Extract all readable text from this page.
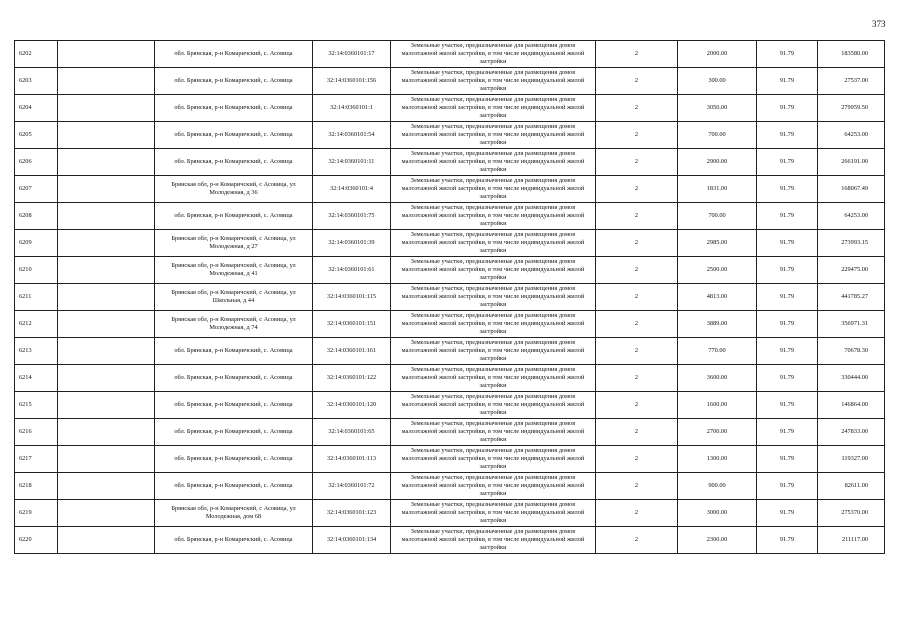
373
6202		обл. Брянская, р-н Комаричский, с. Асовица	32:14:0360101:17	Земельные участки, предназначенные для размещения домов малоэтажной жилой застройки, в том числе индивидуальной жилой застройки	2	2000.00	91.79	183580.00
6203		обл. Брянская, р-н Комаричский, с. Асовица	32:14:0360101:156	Земельные участки, предназначенные для размещения домов малоэтажной жилой застройки, в том числе индивидуальной жилой застройки	2	300.00	91.79	27537.00
6204		обл. Брянская, р-н Комаричский, с. Асовица	32:14:0360101:1	Земельные участки, предназначенные для размещения домов малоэтажной жилой застройки, в том числе индивидуальной жилой застройки	2	3050.00	91.79	279959.50
6205		обл. Брянская, р-н Комаричский, с. Асовица	32:14:0360101:54	Земельные участки, предназначенные для размещения домов малоэтажной жилой застройки, в том числе индивидуальной жилой застройки	2	700.00	91.79	64253.00
6206		обл. Брянская, р-н Комаричский, с. Асовица	32:14:0360101:11	Земельные участки, предназначенные для размещения домов малоэтажной жилой застройки, в том числе индивидуальной жилой застройки	2	2900.00	91.79	266191.00
6207		Брянская обл, р-н Комаричский, с Асовица, ул Молодежная, д 36	32:14:0360101:4	Земельные участки, предназначенные для размещения домов малоэтажной жилой застройки, в том числе индивидуальной жилой застройки	2	1831.00	91.79	168067.49
6208		обл. Брянская, р-н Комаричский, с. Асовица	32:14:0360101:75	Земельные участки, предназначенные для размещения домов малоэтажной жилой застройки, в том числе индивидуальной жилой застройки	2	700.00	91.79	64253.00
6209		Брянская обл, р-н Комаричский, с Асовица, ул Молодежная, д 27	32:14:0360101:39	Земельные участки, предназначенные для размещения домов малоэтажной жилой застройки, в том числе индивидуальной жилой застройки	2	2985.00	91.79	273993.15
6210		Брянская обл, р-н Комаричский, с Асовица, ул Молодежная, д 41	32:14:0360101:61	Земельные участки, предназначенные для размещения домов малоэтажной жилой застройки, в том числе индивидуальной жилой застройки	2	2500.00	91.79	229475.00
6211		Брянская обл, р-н Комаричский, с Асовица, ул Школьная, д 44	32:14:0360101:115	Земельные участки, предназначенные для размещения домов малоэтажной жилой застройки, в том числе индивидуальной жилой застройки	2	4813.00	91.79	441785.27
6212		Брянская обл, р-н Комаричский, с Асовица, ул Молодежная, д 74	32:14:0360101:151	Земельные участки, предназначенные для размещения домов малоэтажной жилой застройки, в том числе индивидуальной жилой застройки	2	3889.00	91.79	356971.31
6213		обл. Брянская, р-н Комаричский, с. Асовица	32:14:0360101:161	Земельные участки, предназначенные для размещения домов малоэтажной жилой застройки, в том числе индивидуальной жилой застройки	2	770.00	91.79	70678.30
6214		обл. Брянская, р-н Комаричский, с. Асовица	32:14:0360101:122	Земельные участки, предназначенные для размещения домов малоэтажной жилой застройки, в том числе индивидуальной жилой застройки	2	3600.00	91.79	330444.00
6215		обл. Брянская, р-н Комаричский, с. Асовица	32:14:0360101:120	Земельные участки, предназначенные для размещения домов малоэтажной жилой застройки, в том числе индивидуальной жилой застройки	2	1600.00	91.79	146864.00
6216		обл. Брянская, р-н Комаричский, с. Асовица	32:14:0360101:65	Земельные участки, предназначенные для размещения домов малоэтажной жилой застройки, в том числе индивидуальной жилой застройки	2	2700.00	91.79	247833.00
6217		обл. Брянская, р-н Комаричский, с. Асовица	32:14:0360101:113	Земельные участки, предназначенные для размещения домов малоэтажной жилой застройки, в том числе индивидуальной жилой застройки	2	1300.00	91.79	119327.00
6218		обл. Брянская, р-н Комаричский, с. Асовица	32:14:0360101:72	Земельные участки, предназначенные для размещения домов малоэтажной жилой застройки, в том числе индивидуальной жилой застройки	2	900.00	91.79	82611.00
6219		Брянская обл, р-н Комаричский, с Асовица, ул Молодежная, дом 68	32:14:0360101:123	Земельные участки, предназначенные для размещения домов малоэтажной жилой застройки, в том числе индивидуальной жилой застройки	2	3000.00	91.79	275370.00
6220		обл. Брянская, р-н Комаричский, с. Асовица	32:14:0360101:134	Земельные участки, предназначенные для размещения домов малоэтажной жилой застройки, в том числе индивидуальной жилой застройки	2	2300.00	91.79	211117.00
